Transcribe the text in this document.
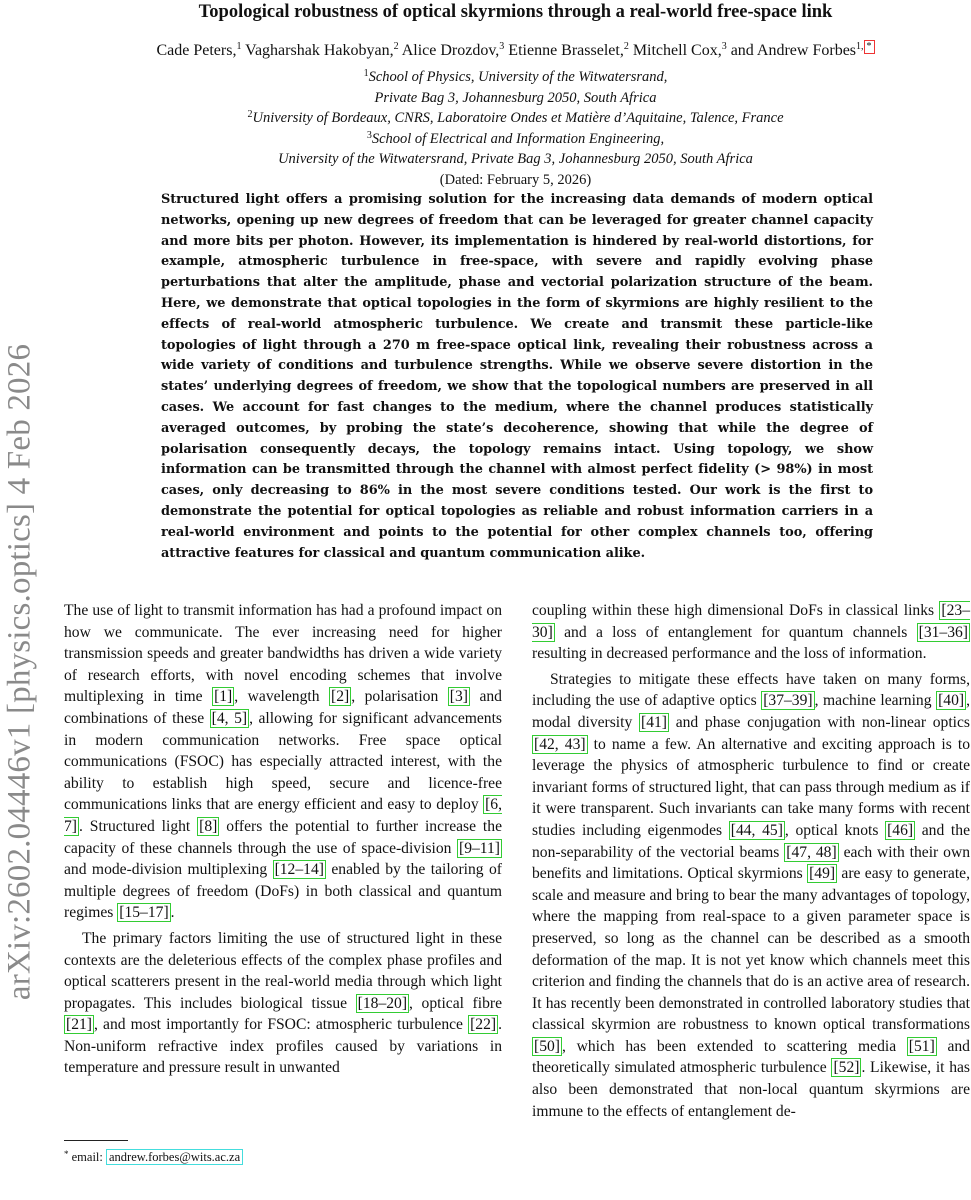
arXiv:2602.04446v1 [physics.optics] 4 Feb 2026
Topological robustness of optical skyrmions through a real-world free-space link
Cade Peters,$^1$ Vagharshak Hakobyan,$^2$ Alice Drozdov,$^3$ Etienne Brasselet,$^2$ Mitchell Cox,$^3$ and Andrew Forbes$^{1,}$ *
$^1$School of Physics, University of the Witwatersrand,
Private Bag 3, Johannesburg 2050, South Africa
$^2$University of Bordeaux, CNRS, Laboratoire Ondes et Matière d’Aquitaine, Talence, France
$^3$School of Electrical and Information Engineering,
University of the Witwatersrand, Private Bag 3, Johannesburg 2050, South Africa
(Dated: February 5, 2026)
Structured light offers a promising solution for the increasing data demands of modern optical networks, opening up new degrees of freedom that can be leveraged for greater channel capacity and more bits per photon. However, its implementation is hindered by real-world distortions, for example, atmospheric turbulence in free-space, with severe and rapidly evolving phase perturbations that alter the amplitude, phase and vectorial polarization structure of the beam. Here, we demonstrate that optical topologies in the form of skyrmions are highly resilient to the effects of real-world atmospheric turbulence. We create and transmit these particle-like topologies of light through a 270 m free-space optical link, revealing their robustness across a wide variety of conditions and turbulence strengths. While we observe severe distortion in the states’ underlying degrees of freedom, we show that the topological numbers are preserved in all cases. We account for fast changes to the medium, where the channel produces statistically averaged outcomes, by probing the state’s decoherence, showing that while the degree of polarisation consequently decays, the topology remains intact. Using topology, we show information can be transmitted through the channel with almost perfect fidelity (> 98%) in most cases, only decreasing to 86% in the most severe conditions tested. Our work is the first to demonstrate the potential for optical topologies as reliable and robust information carriers in a real-world environment and points to the potential for other complex channels too, offering attractive features for classical and quantum communication alike.

The use of light to transmit information has had a profound impact on how we communicate. The ever increasing need for higher transmission speeds and greater bandwidths has driven a wide variety of research efforts, with novel encoding schemes that involve multiplexing in time [1] , wavelength [2] , polarisation [3] and combinations of these [4, 5] , allowing for significant advancements in modern communication networks. Free space optical communications (FSOC) has especially attracted interest, with the ability to establish high speed, secure and licence-free communications links that are energy efficient and easy to deploy [6, 7] . Structured light [8] offers the potential to further increase the capacity of these channels through the use of space-division [9–11] and mode-division multiplexing [12–14] enabled by the tailoring of multiple degrees of freedom (DoFs) in both classical and quantum regimes [15–17] .

The primary factors limiting the use of structured light in these contexts are the deleterious effects of the complex phase profiles and optical scatterers present in the real-world media through which light propagates. This includes biological tissue [18–20] , optical fibre [21] , and most importantly for FSOC: atmospheric turbulence [22] . Non-uniform refractive index profiles caused by variations in temperature and pressure result in unwanted

coupling within these high dimensional DoFs in classical links [23–30] and a loss of entanglement for quantum channels [31–36] resulting in decreased performance and the loss of information.

Strategies to mitigate these effects have taken on many forms, including the use of adaptive optics [37–39] , machine learning [40] , modal diversity [41] and phase conjugation with non-linear optics [42, 43] to name a few. An alternative and exciting approach is to leverage the physics of atmospheric turbulence to find or create invariant forms of structured light, that can pass through medium as if it were transparent. Such invariants can take many forms with recent studies including eigenmodes [44, 45] , optical knots [46] and the non-separability of the vectorial beams [47, 48] each with their own benefits and limitations. Optical skyrmions [49] are easy to generate, scale and measure and bring to bear the many advantages of topology, where the mapping from real-space to a given parameter space is preserved, so long as the channel can be described as a smooth deformation of the map. It is not yet know which channels meet this criterion and finding the channels that do is an active area of research. It has recently been demonstrated in controlled laboratory studies that classical skyrmion are robustness to known optical transformations [50] , which has been extended to scattering media [51] and theoretically simulated atmospheric turbulence [52] . Likewise, it has also been demonstrated that non-local quantum skyrmions are immune to the effects of entanglement de-

* email: andrew.forbes@wits.ac.za
